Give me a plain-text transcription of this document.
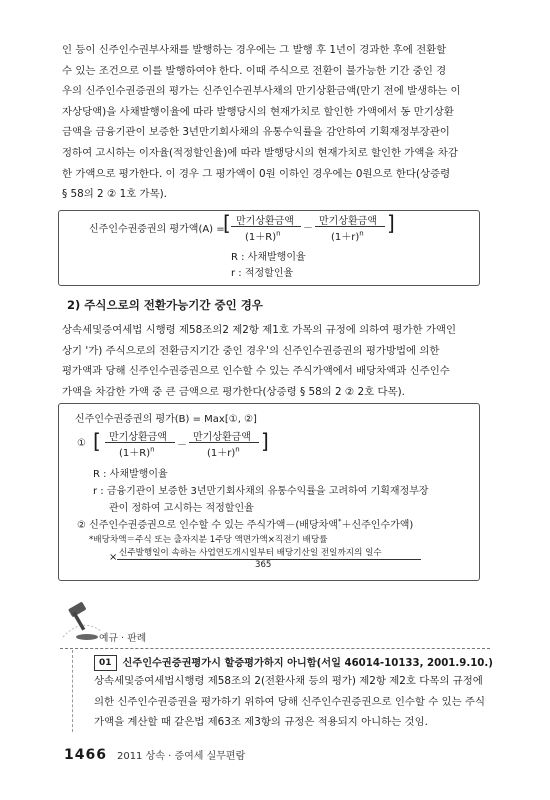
인 등이 신주인수권부사채를 발행하는 경우에는 그 발행 후 1년이 경과한 후에 전환할
수 있는 조건으로 이를 발행하여야 한다. 이때 주식으로 전환이 불가능한 기간 중인 경
우의 신주인수권증권의 평가는 신주인수권부사채의 만기상환금액(만기 전에 발생하는 이
자상당액)을 사채발행이율에 따라 발행당시의 현재가치로 할인한 가액에서 동 만기상환
금액을 금융기관이 보증한 3년만기회사채의 유통수익률을 감안하여 기획재정부장관이
정하여 고시하는 이자율(적정할인율)에 따라 발행당시의 현재가치로 할인한 가액을 차감
한 가액으로 평가한다. 이 경우 그 평가액이 0원 이하인 경우에는 0원으로 한다(상증령
§ 58의 2 ② 1호 가목).
신주인수권증권의 평가액(A) =
[ 만기상환금액
$(1+R)^n$ －
만기상환금액
$(1+r)^n$ ]
R : 사채발행이율
r : 적정할인율
2) 주식으로의 전환가능기간 중인 경우
상속세및증여세법 시행령 제58조의2 제2항 제1호 가목의 규정에 의하여 평가한 가액인
상기 '가) 주식으로의 전환금지기간 중인 경우'의 신주인수권증권의 평가방법에 의한
평가액과 당해 신주인수권증권으로 인수할 수 있는 주식가액에서 배당차액과 신주인수
가액을 차감한 가액 중 큰 금액으로 평가한다(상증령 § 58의 2 ② 2호 다목).
신주인수권증권의 평가(B) = Max[①, ②]
① [ 만기상환금액
$(1+R)^n$ －
만기상환금액
$(1+r)^n$ ]
R : 사채발행이율
r : 금융기관이 보증한 3년만기회사채의 유통수익률을 고려하여 기획재정부장
관이 정하여 고시하는 적정할인율
② 신주인수권증권으로 인수할 수 있는 주식가액－(배당차액*＋신주인수가액)
*배당차액＝주식 또는 출자지분 1주당 액면가액×직전기 배당률
× 신주발행일이 속하는 사업연도개시일부터 배당기산일 전일까지의 일수
365
예규 · 판례
01 신주인수권증권평가시 할증평가하지 아니함(서일 46014-10133, 2001.9.10.)
상속세및증여세법시행령 제58조의 2(전환사채 등의 평가) 제2항 제2호 다목의 규정에
의한 신주인수권증권을 평가하기 위하여 당해 신주인수권증권으로 인수할 수 있는 주식
가액을 계산할 때 같은법 제63조 제3항의 규정은 적용되지 아니하는 것임.
1466 2011 상속 · 증여세 실무편람
